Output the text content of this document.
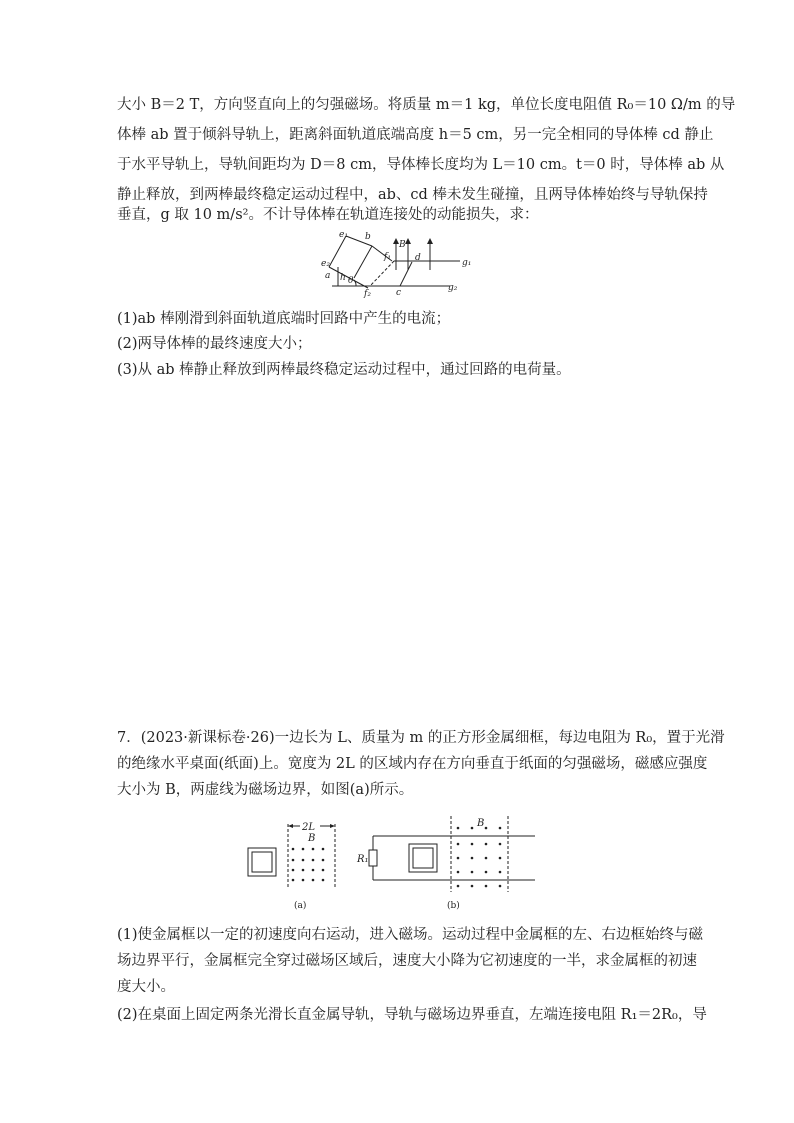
大小 B＝2 T，方向竖直向上的匀强磁场。将质量 m＝1 kg，单位长度电阻值 R₀＝10 Ω/m 的导
体棒 ab 置于倾斜导轨上，距离斜面轨道底端高度 h＝5 cm，另一完全相同的导体棒 cd 静止
于水平导轨上，导轨间距均为 D＝8 cm，导体棒长度均为 L＝10 cm。t＝0 时，导体棒 ab 从
静止释放，到两棒最终稳定运动过程中，ab、cd 棒未发生碰撞，且两导体棒始终与导轨保持
垂直，g 取 10 m/s²。不计导体棒在轨道连接处的动能损失，求：
e₁ b
e₂
a h θ
f₁
f₂
B
d
c
g₁
g₂
(1)ab 棒刚滑到斜面轨道底端时回路中产生的电流；
(2)两导体棒的最终速度大小；
(3)从 ab 棒静止释放到两棒最终稳定运动过程中，通过回路的电荷量。
7．(2023·新课标卷·26)一边长为 L、质量为 m 的正方形金属细框，每边电阻为 R₀，置于光滑
的绝缘水平桌面(纸面)上。宽度为 2L 的区域内存在方向垂直于纸面的匀强磁场，磁感应强度
大小为 B，两虚线为磁场边界，如图(a)所示。
2L
B
(a)
B
R₁
(b)
(1)使金属框以一定的初速度向右运动，进入磁场。运动过程中金属框的左、右边框始终与磁
场边界平行，金属框完全穿过磁场区域后，速度大小降为它初速度的一半，求金属框的初速
度大小。
(2)在桌面上固定两条光滑长直金属导轨，导轨与磁场边界垂直，左端连接电阻 R₁＝2R₀，导
